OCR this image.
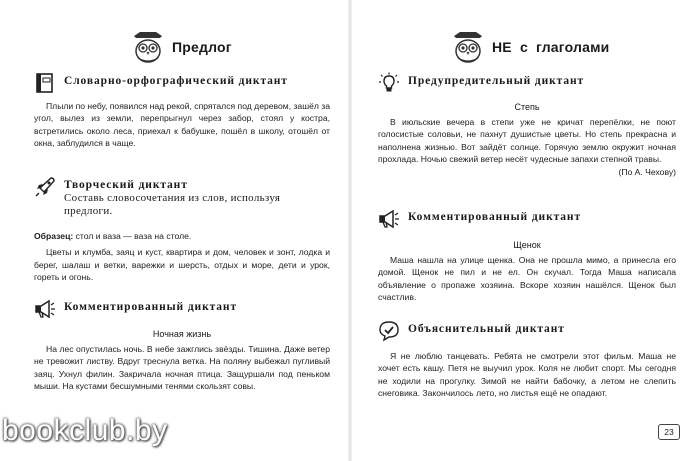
Предлог
Словарно-орфографический диктант

Плыли по небу, появился над рекой, спрятался под деревом, зашёл за угол, вылез из земли, перепрыгнул через забор, стоял у костра, встретились около леса, приехал к бабушке, пошёл в школу, отошёл от окна, заблудился в чаще.

Творческий диктант
Составь словосочетания из слов, используя предлоги.

Образец: стол и ваза — ваза на столе.

Цветы и клумба, заяц и куст, квартира и дом, человек и зонт, лодка и берег, шалаш и ветки, варежки и шерсть, отдых и море, дети и урок, гореть и огонь.

Комментированный диктант
Ночная жизнь

На лес опустилась ночь. В небе зажглись звёзды. Тишина. Даже ветер не тревожит листву. Вдруг треснула ветка. На поляну выбежал пугливый заяц. Ухнул филин. Закричала ночная птица. Защуршали под пеньком мыши. На кустами бесшумными тенями скользят совы.

bookclub.by
НЕ с глаголами
Предупредительный диктант
Степь

В июльские вечера в степи уже не кричат перепёлки, не поют голосистые соловьи, не пахнут душистые цветы. Но степь прекрасна и наполнена жизнью. Вот зайдёт солнце. Горячую землю окружит ночная прохлада. Ночью свежий ветер несёт чудесные запахи степной травы.

(По А. Чехову)
Комментированный диктант
Щенок

Маша нашла на улице щенка. Она не прошла мимо, а принесла его домой. Щенок не пил и не ел. Он скучал. Тогда Маша написала объявление о пропаже хозяина. Вскоре хозяин нашёлся. Щенок был счастлив.

Объяснительный диктант

Я не люблю танцевать. Ребята не смотрели этот фильм. Маша не хочет есть кашу. Петя не выучил урок. Коля не любит спорт. Мы сегодня не ходили на прогулку. Зимой не найти бабочку, а летом не слепить снеговика. Закончилось лето, но листья ещё не опадают.

23
